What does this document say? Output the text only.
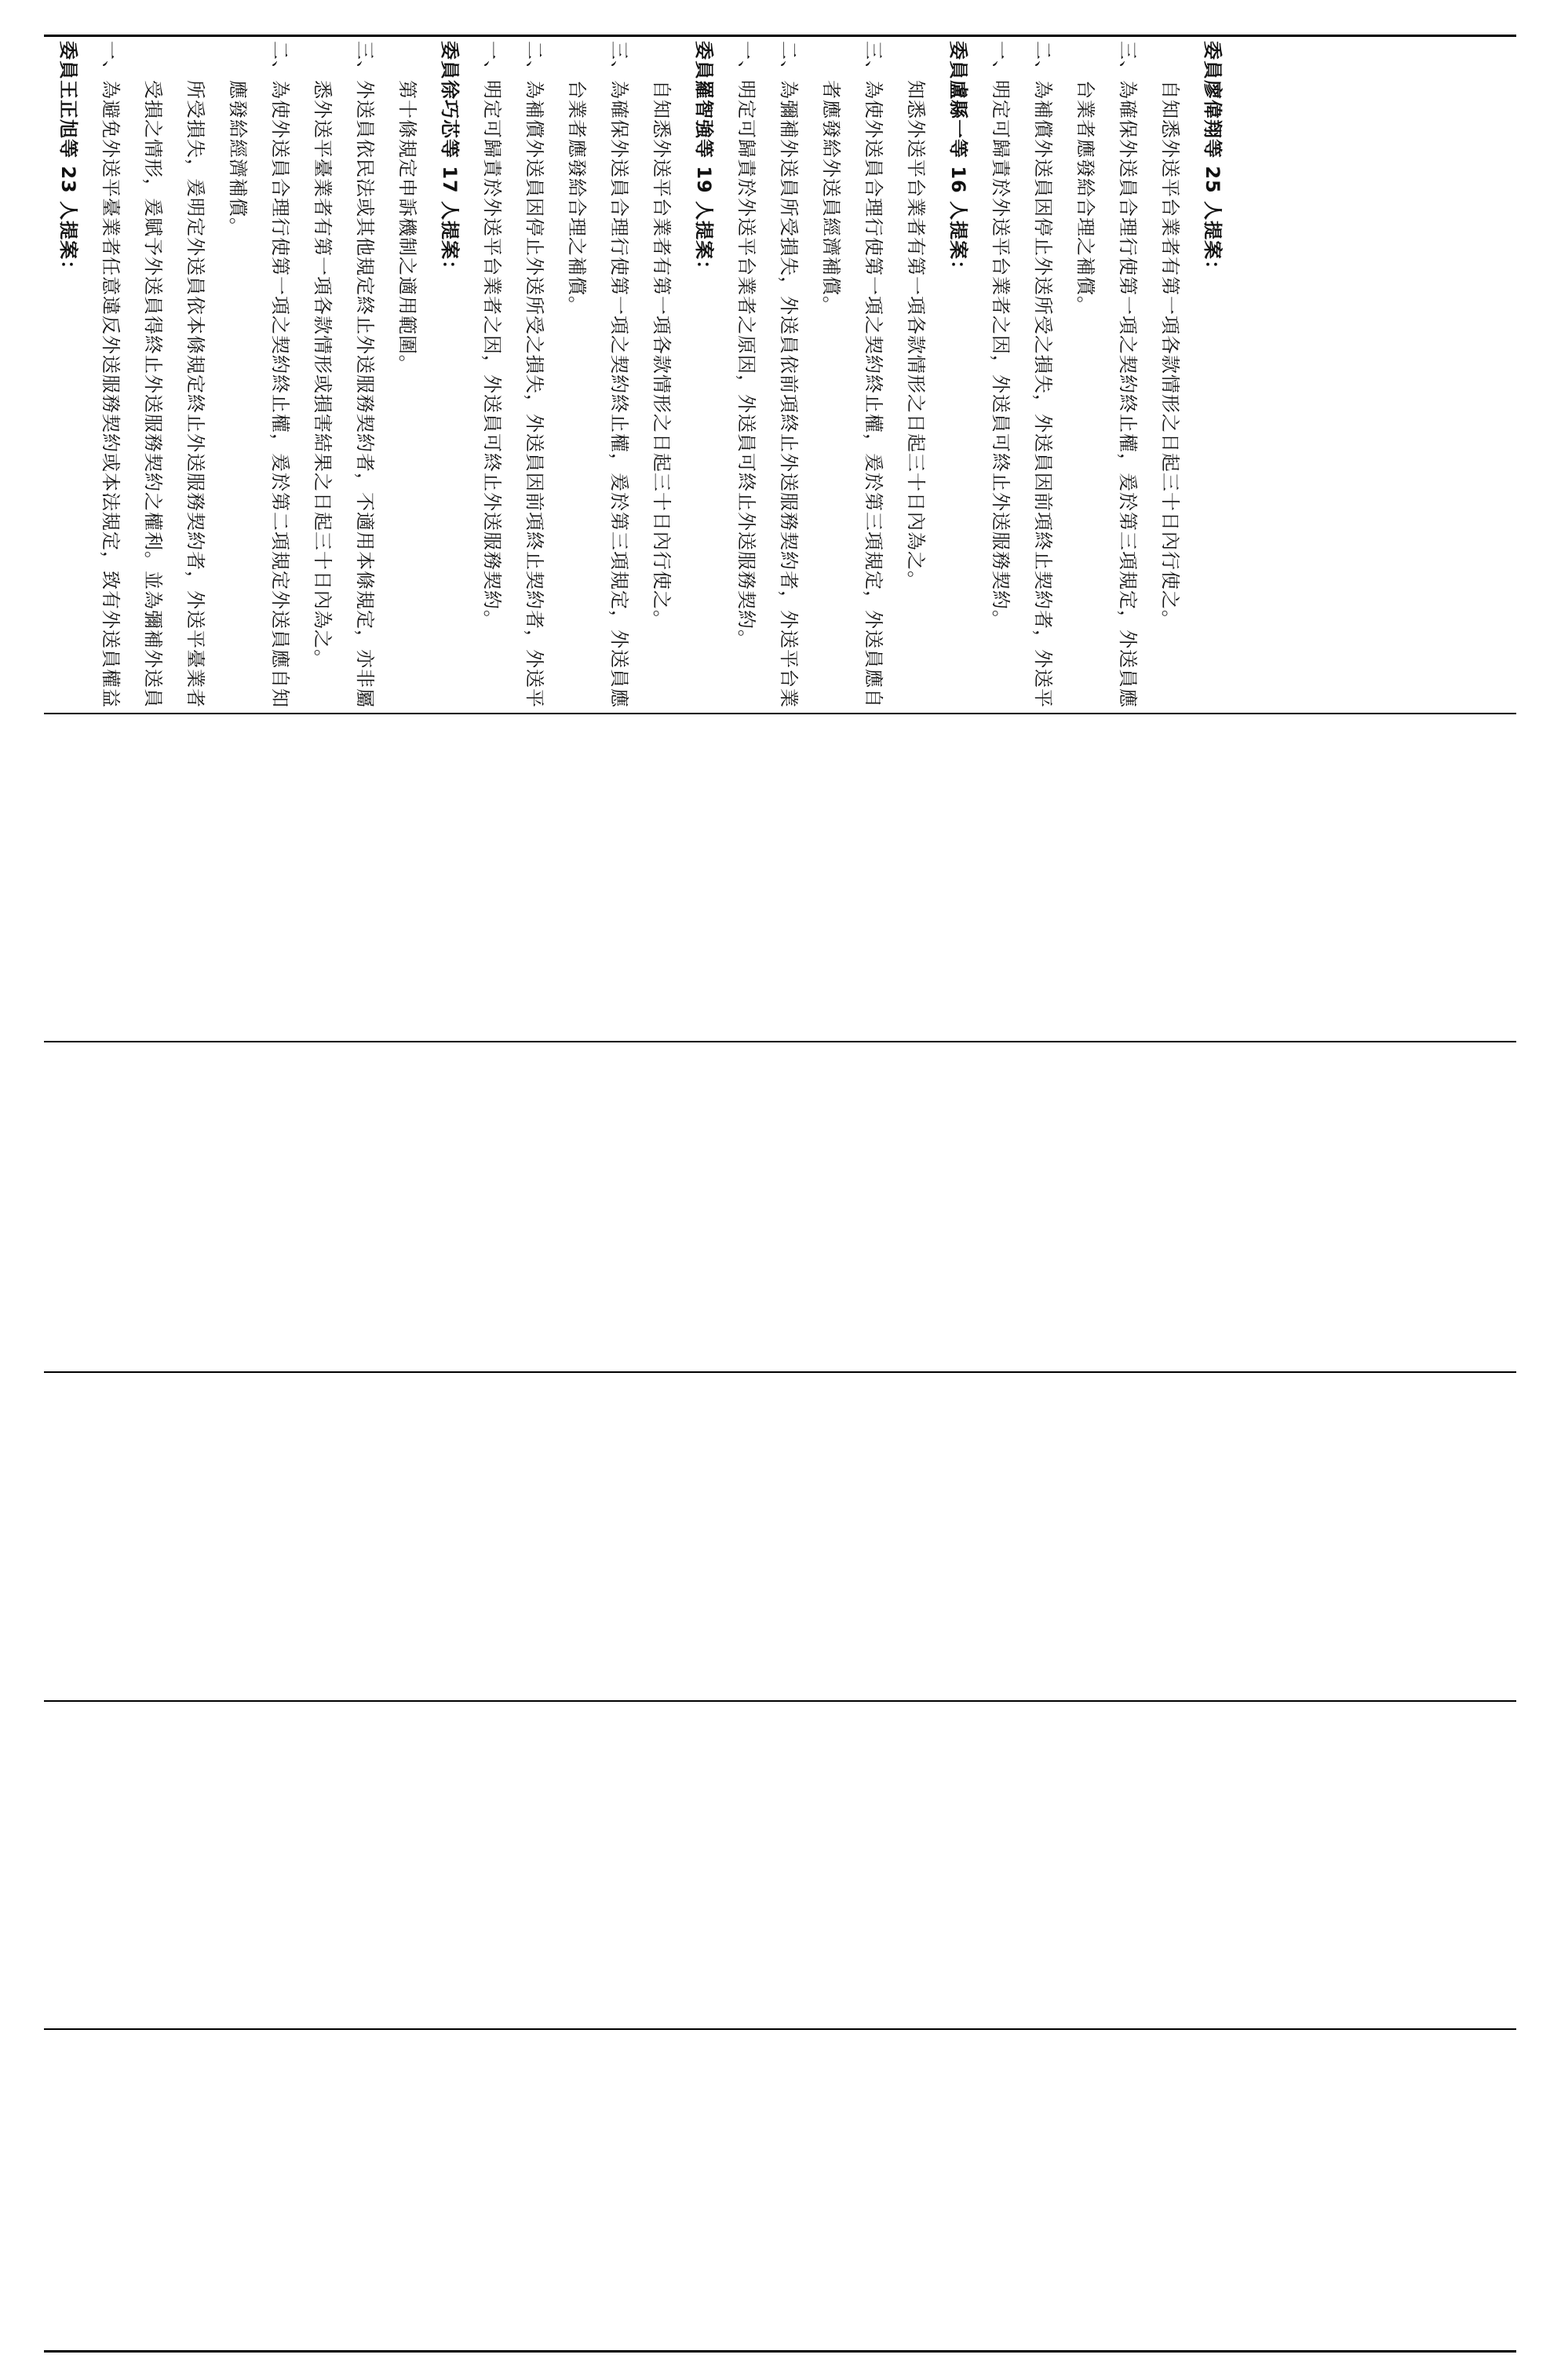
委員王正旭等 23 人提案：	一、為避免外送平臺業者任意違反外送服務契約或本法規定，致有外送員權益受損之情形，爰賦予外送員得終止外送服務契約之權利。並為彌補外送員所受損失，爰明定外送員依本條規定終止外送服務契約者，外送平臺業者應發給經濟補償。
二、為使外送員合理行使第一項之契約終止權，爰於第二項規定外送員應自知悉外送平臺業者有第一項各款情形或損害結果之日起三十日內為之。
三、外送員依民法或其他規定終止外送服務契約者，不適用本條規定，亦非屬第十條規定申訴機制之適用範圍。	委員徐巧芯等 17 人提案：	一、明定可歸責於外送平台業者之因，外送員可終止外送服務契約。
二、為補償外送員因停止外送所受之損失，外送員因前項終止契約者，外送平台業者應發給合理之補償。
三、為確保外送員合理行使第一項之契約終止權，爰於第三項規定，外送員應自知悉外送平台業者有第一項各款情形之日起三十日內行使之。	委員羅智強等 19 人提案：	一、明定可歸責於外送平台業者之原因，外送員可終止外送服務契約。
二、為彌補外送員所受損失，外送員依前項終止外送服務契約者，外送平台業者應發給外送員經濟補償。
三、為使外送員合理行使第一項之契約終止權，爰於第三項規定，外送員應自知悉外送平台業者有第一項各款情形之日起三十日內為之。	委員盧縣一等 16 人提案：	一、明定可歸責於外送平台業者之因，外送員可終止外送服務契約。
二、為補償外送員因停止外送所受之損失，外送員因前項終止契約者，外送平台業者應發給合理之補償。
三、為確保外送員合理行使第一項之契約終止權，爰於第三項規定，外送員應自知悉外送平台業者有第一項各款情形之日起三十日內行使之。	委員廖偉翔等 25 人提案：
